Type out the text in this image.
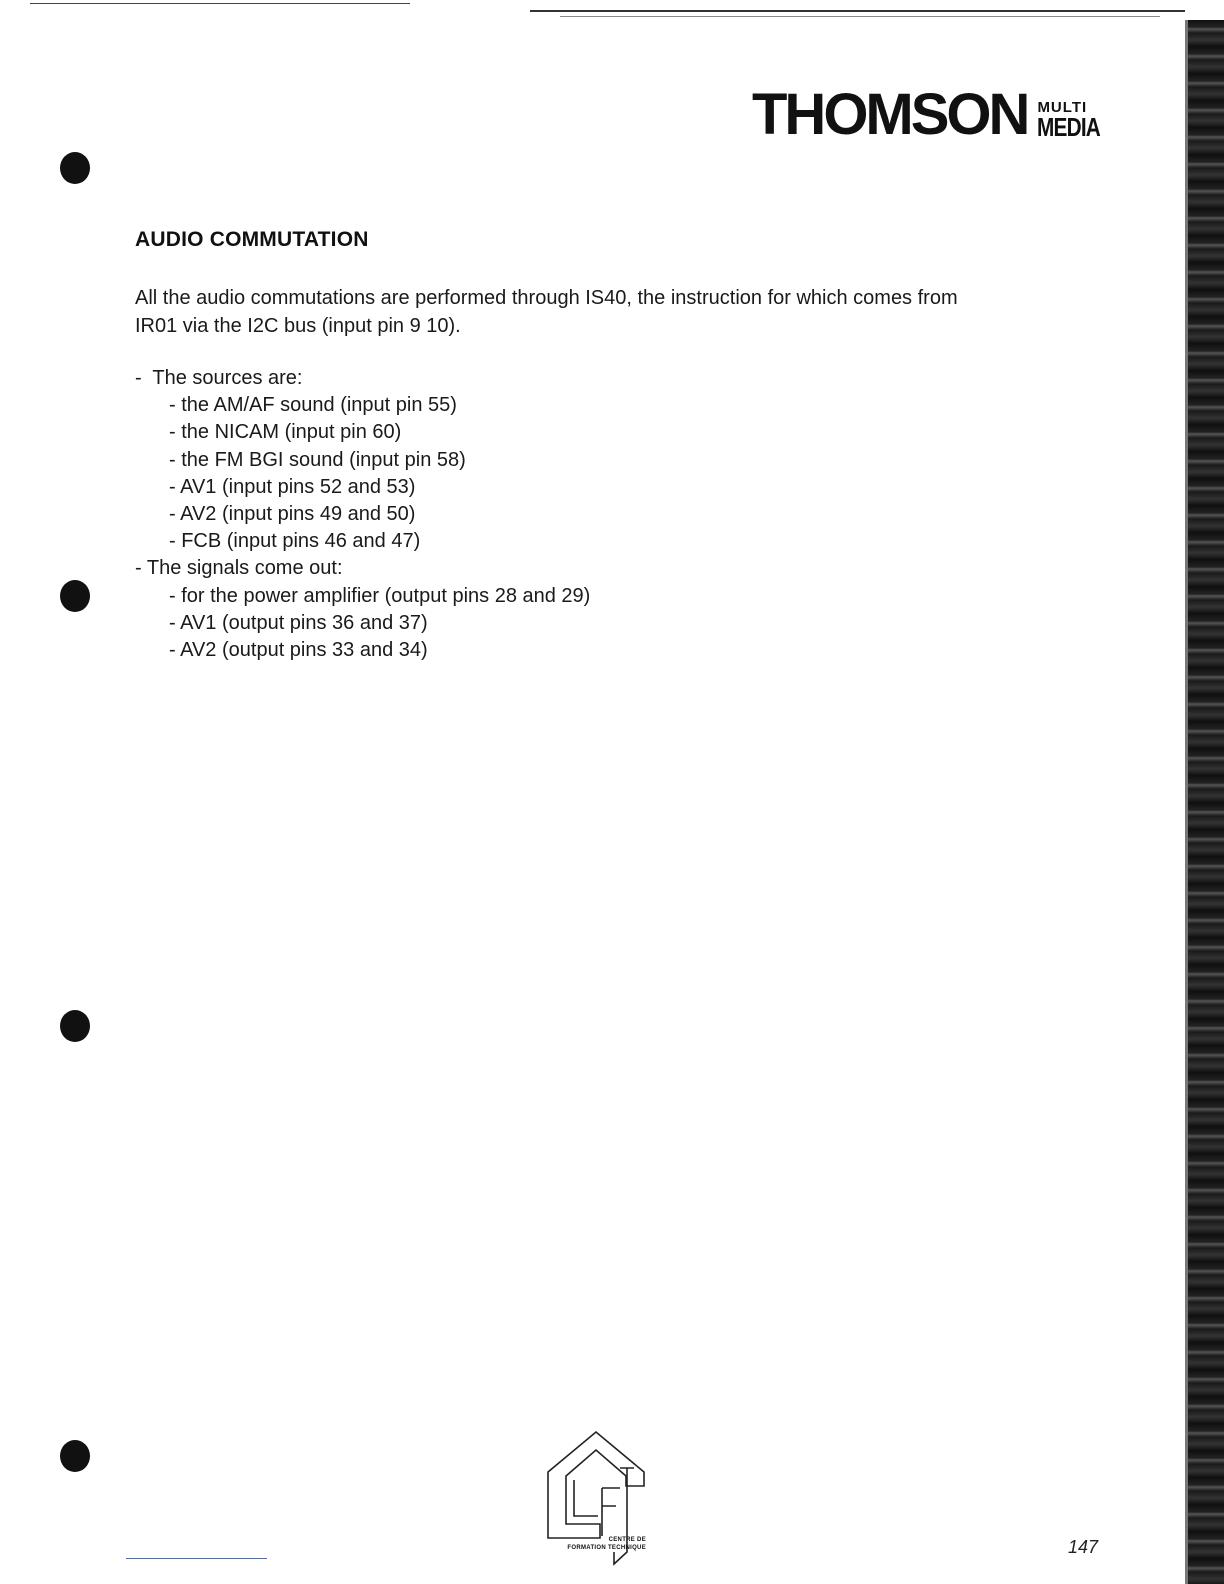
THOMSON MULTI
MEDIA
AUDIO COMMUTATION
All the audio commutations are performed through IS40, the instruction for which comes from
IR01 via the I2C bus (input pin 9 10).
-  The sources are:
- the AM/AF sound (input pin 55)
- the NICAM (input pin 60)
- the FM BGI sound (input pin 58)
- AV1 (input pins 52 and 53)
- AV2 (input pins 49 and 50)
- FCB (input pins 46 and 47)
- The signals come out:
- for the power amplifier (output pins 28 and 29)
- AV1 (output pins 36 and 37)
- AV2 (output pins 33 and 34)
CENTRE DE
FORMATION TECHNIQUE	147
